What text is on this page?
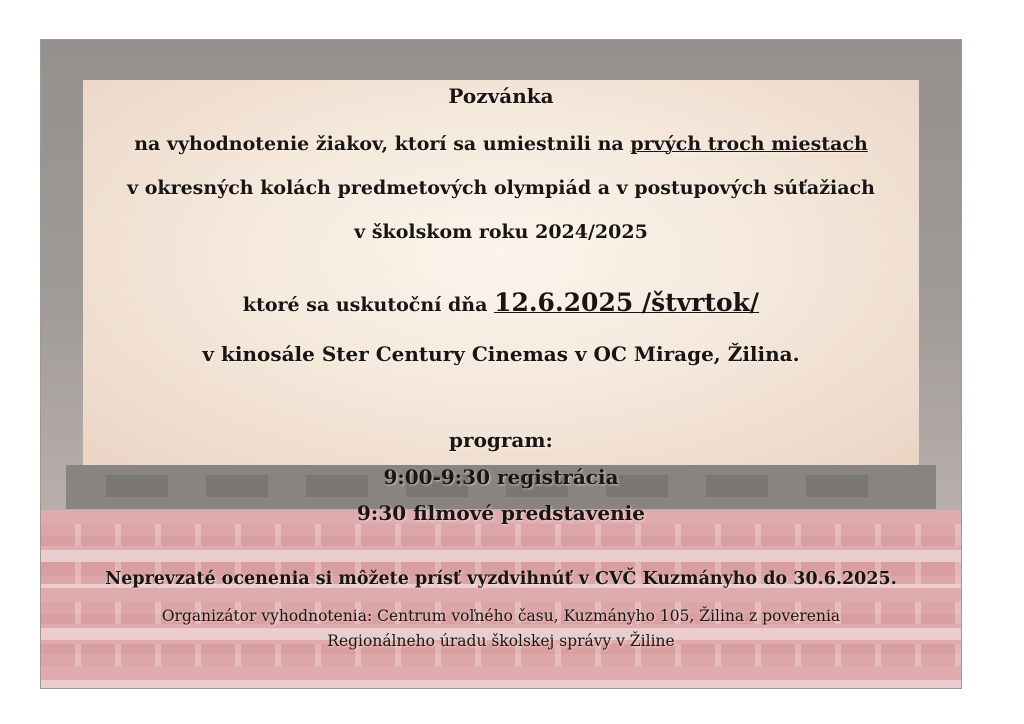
Pozvánka
na vyhodnotenie žiakov, ktorí sa umiestnili na prvých troch miestach
v okresných kolách predmetových olympiád a v postupových súťažiach
v školskom roku 2024/2025
ktoré sa uskutoční dňa 12.6.2025 /štvrtok/
v kinosále Ster Century Cinemas v OC Mirage, Žilina.
program:
9:00-9:30 registrácia
9:30 filmové predstavenie
Neprevzaté ocenenia si môžete prísť vyzdvihnúť v CVČ Kuzmányho do 30.6.2025.
Organizátor vyhodnotenia: Centrum voľného času, Kuzmányho 105, Žilina z poverenia
Regionálneho úradu školskej správy v Žiline
